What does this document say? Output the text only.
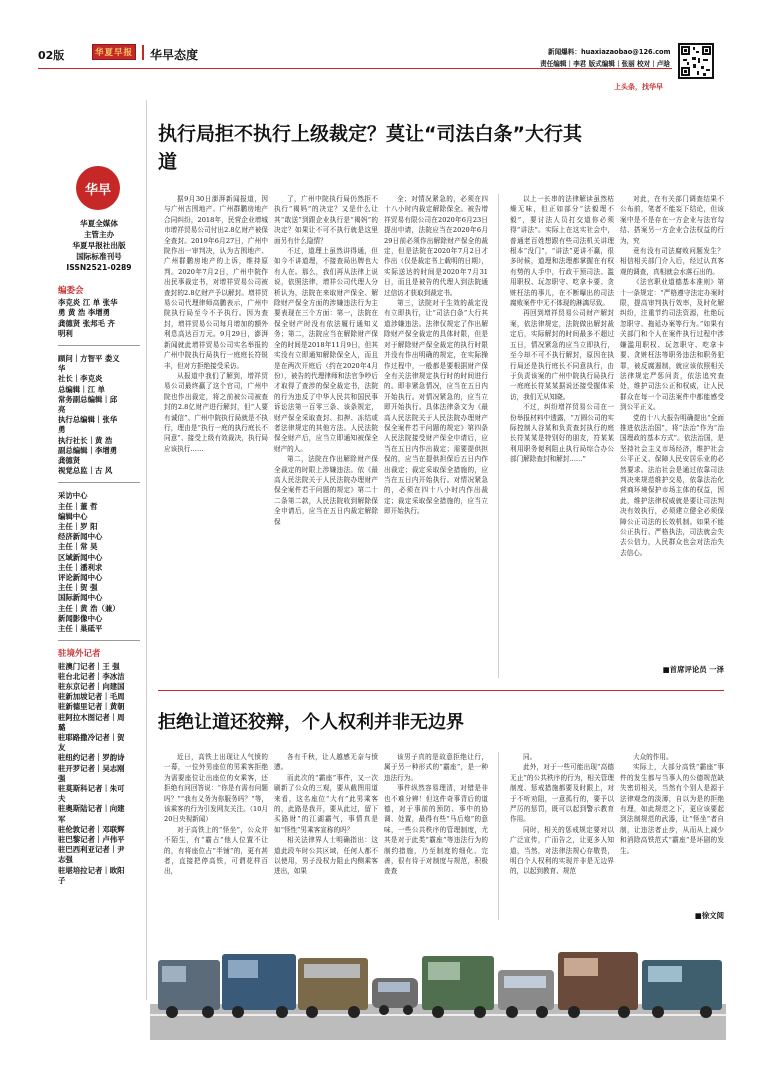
02版	华夏早报 华早态度	新闻爆料：huaxiazaobao@126.com
责任编辑｜李君 版式编辑｜张丽 校对｜卢晗
上头条，找华早
华早
华夏全媒体
主管主办
华夏早报社出版
国际标准刊号
ISSN2521-0289
编委会
李克炎 江 单 张华
勇 黄 浩 李增勇
龚德贤 张邦毛 齐
明利
顾问｜方智平 娄义
华
社长｜李克炎
总编辑｜江 单
常务副总编辑｜邱
亮
执行总编辑｜张华
勇
执行社长｜黄 浩
副总编辑｜李增勇
龚德贤
视觉总监｜古 风
采访中心
主任｜董 哲
编辑中心
主任｜罗 阳
经济新闻中心
主任｜常 昊
区域新闻中心
主任｜潘利求
评论新闻中心
主任｜贺 强
国际新闻中心
主任｜黄 浩（兼）
新闻影像中心
主任｜巢砥平
驻境外记者
驻澳门记者｜王 强
驻台北记者｜李冰洁
驻东京记者｜向建国
驻新加坡记者｜毛周
驻新德里记者｜黄朝
驻阿拉木图记者｜周
璐
驻耶路撒冷记者｜贺
友
驻纽约记者｜罗韵诗
驻开罗记者｜吴志刚
强
驻莫斯科记者｜朱可
夫
驻奥斯陆记者｜向建
军
驻伦敦记者｜邓联辉
驻巴黎记者｜卢伟平
驻巴西利亚记者｜尹
志强
驻堪培拉记者｜欧阳
子
执行局拒不执行上级裁定？莫让“司法白条”大行其
道

据9月30日澎湃新闻报道，因与广州古围地产、广州群鹏房地产合同纠纷，2018年，民营企业增城市增祥贸易公司付出2.8亿财产被保全查封。2019年6月27日，广州中院作出一审判决，认为古围地产、广州群鹏房地产的上诉，维持原判。2020年7月2日，广州中院作出民事裁定书，对增祥贸易公司被查封的2.8亿财产予以解封。增祥贸易公司代理律师高鹏表示，广州中院执行局至今不予执行。因为查封，增祥贸易公司每月增加的额外利息高达百万元。9月29日，澎湃新闻就此增祥贸易公司实名举报的广州中院执行局执行一庭庭长符锐丰，但对方拒绝接受采访。

从报道中我们了解到，增祥贸易公司最终赢了这个官司，广州中院也作出裁定，将之前被公司被查封的2.8亿财产进行解封，但“人要有诚信”、广州中院执行局就是不执行，理由是“执行一庭的执行庭长不同意”、接受上级有效裁决，执行局应该执行……

了，广州中院执行局仍然拒不执行“褐妈”的决定？又是什么让其“敢送”到跟企业执行是“褐妈”的决定？如果让不可不执行就是这里面另有什么隐情？

不过，道理上虽然讲得通，但如今不讲道理，不接查局出牌也大有人在。那么，我们再从法律上说说，依照法律，增祥公司代理人分析认为，法院在来取财产保全、解除财产保全方面的涉嫌违法行为主要表现在三个方面：第一，法院在保全财产时没有依法履行通知义务；第二，法院应当在解除财产保全的时间是2018年11月9日，但其实没有立即通知解除保全人，而且是在两次开庭后（约在2020年4月份），被告的代理律师和法官争吵后才取得了查涉的保全裁定书，法院的行为违反了中华人民共和国民事诉讼法第一百零三条、该条规定，财产保全采取查封、扣押、冻结或者法律规定的其他方法。人民法院保全财产后，应当立即通知被保全财产的人。

第二，法院在作出解除财产保全裁定的时限上涉嫌违法。依《最高人民法院关于人民法院办理财产保全案件若干问题的规定》第二十二条第二款，人民法院收到解除保全申请后，应当在五日内裁定解除保

全；对情况紧急的，必须在四十八小时内裁定解除保全。被告增祥贸易有限公司在2020年6月23日提出申请，法院应当在2020年6月29日前必须作出解除财产保全的裁定，但是法院在2020年7月2日才作出（仅是裁定书上载明的日期），实际送达的时间是2020年7月31日，而且是被告的代理人到法院通过信访才获取到裁定书。

第三，法院对于生效的裁定没有立即执行，让“司法白条”大行其道涉嫌违法。法律仅规定了作出解除财产保全裁定的具体时限，但是对于解除财产保全裁定的执行时限并没有作出明确的规定，在实际操作过程中，一般都是要根据财产保全有关法律规定执行时的时间进行的。即非紧急情况，应当在五日内开始执行。对情况紧急的，应当立即开始执行。具体法律条文为《最高人民法院关于人民法院办理财产保全案件若干问题的规定》第四条人民法院接受财产保全申请后，应当在五日内作出裁定；需要提供担保的，应当在提供担保后五日内作出裁定；裁定采取保全措施的，应当在五日内开始执行。对情况紧急的，必须在四十八小时内作出裁定；裁定采取保全措施的，应当立即开始执行。

以上一长串的法律解读虽然枯燥无味，但正如部分“法毅理不毅”，要讨法人员打交道你必须得“讲法”。实际上在这实社会中，普通老百姓想跟有些司法机关讲理根本“没门”，“讲法”更讲不赢，很多时候，道理和法理都掌握在有权有势的人手中，行政干预司法、滥用职权、玩忽职守、吃拿卡要、贪赃枉法的事儿，在不断曝出的司法腐败案件中无不体现的淋漓尽致。

再回到增祥贸易公司财产解封案，依法律规定，法院做出解封裁定后，实际解封的时间最多不超过五日，情况紧急的应当立即执行，至今却不可不执行解封，原因在执行局还是执行庭长不同意执行，由于负责该案的广州中院执行局执行一庭庭长符某某据说还接受握体采访，我们无从知晓。

不过，纠纷增祥贸易公司在一份举报材料中透露，“万圆公司的实际控制人谷某和负责查封执行的庭长符某某是特别好的朋友，符某某利用职务便利阻止执行局综合办公部门解除查封和解封……”

对此，在有关部门调查结果不公布前，笔者不能妄下结论，但该案中是不是存在一方企业与法官勾结、搭案另一方企业合法权益的行为，究

竟有没有司法腐败问题发生？相信相关部门介入后，经过认真客观的调查，真相就会水落石出的。

《法官职业道德基本准则》第十一条规定：“严格遵守法定办案时限，提高审判执行效率，及时化解纠纷，注重节约司法资源，杜绝玩忽职守、拖延办案等行为。”如果有关部门和个人在案件执行过程中涉嫌滥用职权、玩忽职守、吃拿卡要、贪赃枉法等职务违法和职务犯罪，被反腐遏制，就应该依照相关法律规定严惩问责，依法追究查处，维护司法公正和权威，让人民群众在每一个司法案件中都能感受到公平正义。

党的十八大报告明确提出“全面推进依法治国”，将“法治”作为“治国理政的基本方式”。依法治国，是坚持社会主义市场经济，维护社会公平正义、保障人民安居乐业的必然要求。法治社会是通过依靠司法判决来规范维护交易，依靠法治化营商环境保护市场主体的权益，因此，维护法律权威就是要让司法判决有效执行，必须建立健全必须保障公正司法的长效机制。如果不能公正执行、严格执法，司法就会失去公信力，人民群众也会对法治失去信心。

■首席评论员 一泽
拒绝让道还狡辩，个人权利并非无边界

近日，高铁上出现让人气愤的一幕，一位外男座位的男乘客拒绝为需要座位让出座位的女乘客，还拒绝有问回答说：“你是有需有问题吗？”“我有义务为你服务吗？”等，该乘客的行为引发网友关注。（10月20日央视新闻）

对于高铁上的“怪坐”，公众并不陌生，有“霸占”他人位置不让的，有将座位占“半铺”的，更有甚者，直接把停高铁，可谓花样百出，

各有千秋，让人越感无奈与愤懑。

而此次的“霸座”事件，又一次刷新了公众的三观，要从截图用道来看，这名座位“大有”此男乘客的，此路是我开，要从此过，留下买路财”的江湖霸气，事情真是如“怪性”男乘客宣称的吗？

相关法律界人士明确指出：这道此段车时公共区域，任何人都不以使用，男子没权力阻止内侧乘客进出，如果

该男子真的是故意拒绝让行，属于另一种形式的“霸座”，是一种违法行为。

事件纵然容易理清，对错是非也不难分辨！但这件奇事背后的道德，对于事前的预防、事中的协调、处置，最得有些“马后炮”的意味，一些公共秩序的管理制度，尤其是对于此类“霸座”等违法行为的制约措施，乃至制度的细化、完善，很有待于对制度与规范，积极查查

同。

此外，对于一些可能出现“高德无止”的公共秩序的行为，相关管理制度、惩戒措施都要及时跟上，对于不听劝阻，一意孤行的，要予以严厉的惩罚，既可以起到警示教育作用。

同时，相关的惩戒规定要对以广泛宣传，广而告之，让更多人知道，当然，对法律法规心存敬畏，明白个人权利的实现并非是无边界的，以起到教育、规范

大众的作用。

实际上，大部分高铁“霸座”事件的发生都与当事人的公德规范缺失密切相关，当然有个别人是源于法律观念的淡薄，自以为是的拒绝有理，如此规范之下，更应该要起到法制规范的武器，让“怪坐”者自制，让违法者止步，从而从上减少和消除高铁范式“霸座”是坏剧的发生。

■徐文阅
